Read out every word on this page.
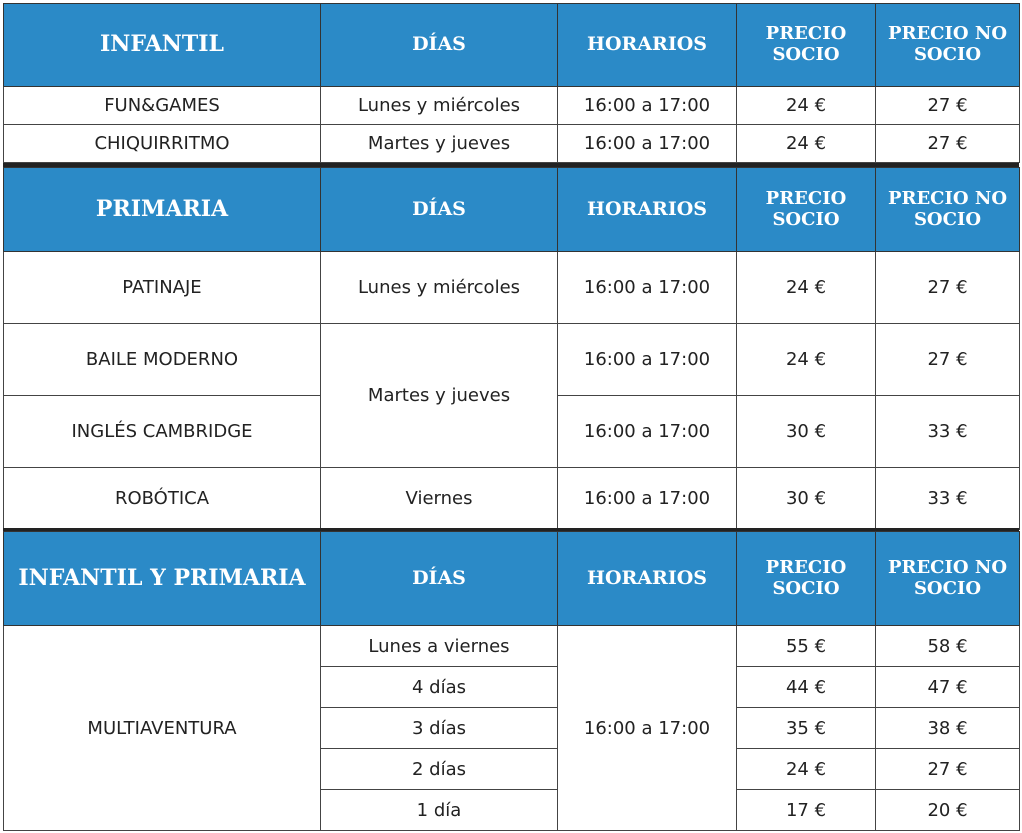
INFANTIL	DÍAS	HORARIOS	PRECIO SOCIO	PRECIO NO SOCIO
FUN&GAMES	Lunes y miércoles	16:00 a 17:00	24 €	27 €
CHIQUIRRITMO	Martes y jueves	16:00 a 17:00	24 €	27 €
PRIMARIA	DÍAS	HORARIOS	PRECIO SOCIO	PRECIO NO SOCIO
PATINAJE	Lunes y miércoles	16:00 a 17:00	24 €	27 €
BAILE MODERNO	Martes y jueves	16:00 a 17:00	24 €	27 €
INGLÉS CAMBRIDGE		16:00 a 17:00	30 €	33 €
ROBÓTICA	Viernes	16:00 a 17:00	30 €	33 €
INFANTIL Y PRIMARIA	DÍAS	HORARIOS	PRECIO SOCIO	PRECIO NO SOCIO
MULTIAVENTURA	Lunes a viernes	16:00 a 17:00	55 €	58 €
	4 días		44 €	47 €
	3 días		35 €	38 €
	2 días		24 €	27 €
	1 día		17 €	20 €
